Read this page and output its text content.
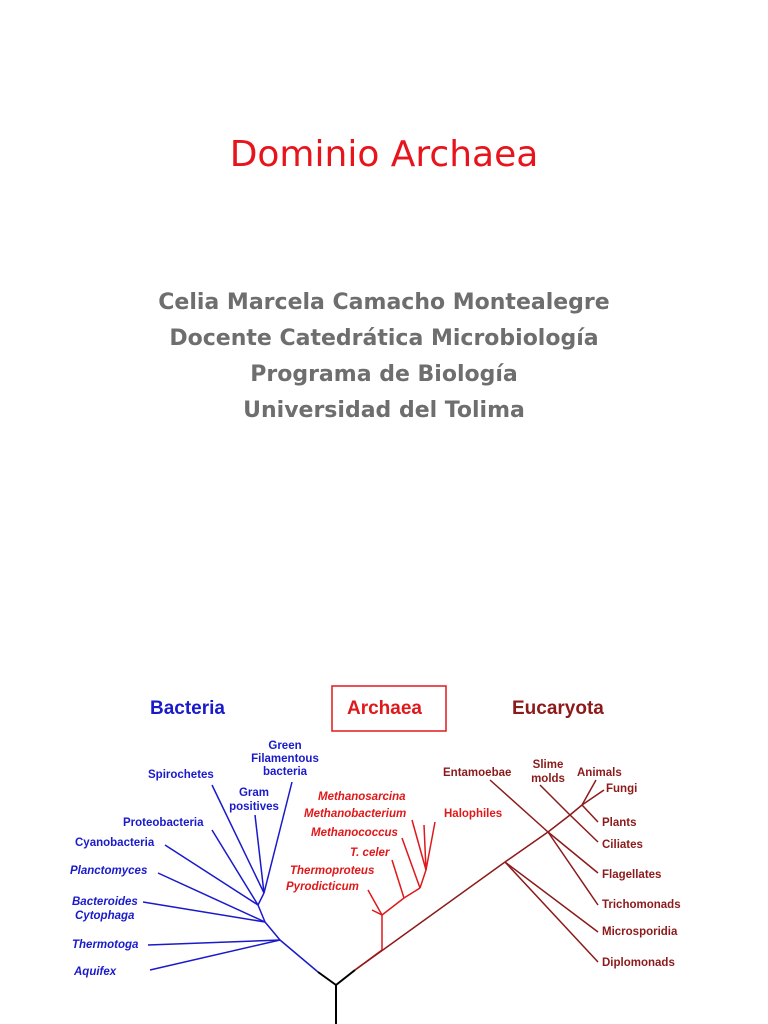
Dominio Archaea
Celia Marcela Camacho Montealegre
Docente Catedrática Microbiología
Programa de Biología
Universidad del Tolima
Bacteria	Archaea	Eucaryota
Green
Filamentous
bacteria
Spirochetes
Gram
positives
Proteobacteria
Cyanobacteria
Planctomyces
Bacteroides
Cytophaga
Thermotoga
Aquifex
Methanosarcina
Methanobacterium	Halophiles
Methanococcus
T. celer
Thermoproteus
Pyrodicticum
Entamoebae
Slime
molds Animals
Fungi
Plants
Ciliates
Flagellates
Trichomonads
Microsporidia
Diplomonads
